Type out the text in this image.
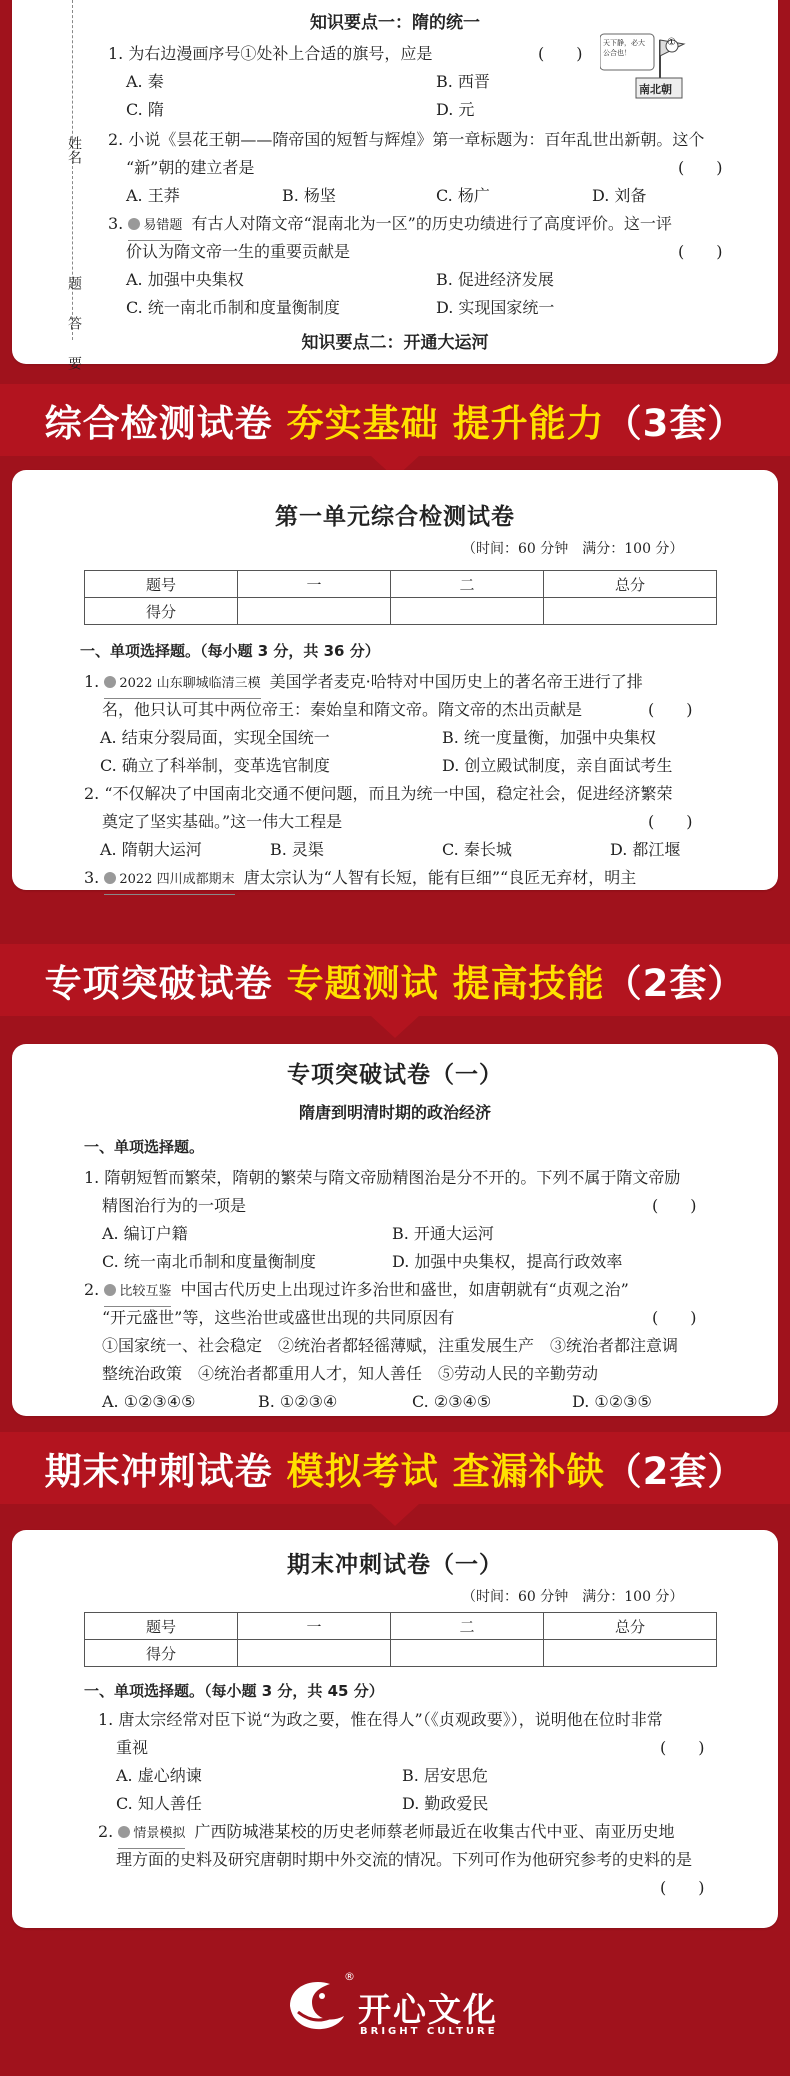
姓名
题
答
要
知识要点一：隋的统一
1. 为右边漫画序号①处补上合适的旗号，应是	(　　)
A. 秦	B. 西晋
C. 隋	D. 元
①
天下静，必大公合也！
南北朝
2. 小说《昙花王朝——隋帝国的短暂与辉煌》第一章标题为：百年乱世出新朝。这个
“新”朝的建立者是	(　　)
A. 王莽	B. 杨坚	C. 杨广	D. 刘备
3. 易错题 有古人对隋文帝“混南北为一区”的历史功绩进行了高度评价。这一评
价认为隋文帝一生的重要贡献是	(　　)
A. 加强中央集权	B. 促进经济发展
C. 统一南北币制和度量衡制度	D. 实现国家统一
知识要点二：开通大运河
综合检测试卷 夯实基础 提升能力 （3套）
第一单元综合检测试卷
（时间：60 分钟　满分：100 分）
题号	一	二	总分
得分			
一、单项选择题。（每小题 3 分，共 36 分）
1. 2022 山东聊城临清三模 美国学者麦克·哈特对中国历史上的著名帝王进行了排
名，他只认可其中两位帝王：秦始皇和隋文帝。隋文帝的杰出贡献是	(　　)
A. 结束分裂局面，实现全国统一	B. 统一度量衡，加强中央集权
C. 确立了科举制，变革选官制度	D. 创立殿试制度，亲自面试考生
2. “不仅解决了中国南北交通不便问题，而且为统一中国，稳定社会，促进经济繁荣
奠定了坚实基础。”这一伟大工程是	(　　)
A. 隋朝大运河	B. 灵渠	C. 秦长城	D. 都江堰
3. 2022 四川成都期末 唐太宗认为“人智有长短，能有巨细”“良匠无弃材，明主
专项突破试卷 专题测试 提高技能 （2套）
专项突破试卷（一）
隋唐到明清时期的政治经济
一、单项选择题。
1. 隋朝短暂而繁荣，隋朝的繁荣与隋文帝励精图治是分不开的。下列不属于隋文帝励
精图治行为的一项是	(　　)
A. 编订户籍	B. 开通大运河
C. 统一南北币制和度量衡制度	D. 加强中央集权，提高行政效率
2. 比较互鉴 中国古代历史上出现过许多治世和盛世，如唐朝就有“贞观之治”
“开元盛世”等，这些治世或盛世出现的共同原因有	(　　)
①国家统一、社会稳定　②统治者都轻徭薄赋，注重发展生产　③统治者都注意调
整统治政策　④统治者都重用人才，知人善任　⑤劳动人民的辛勤劳动
A. ①②③④⑤	B. ①②③④	C. ②③④⑤	D. ①②③⑤
期末冲刺试卷 模拟考试 查漏补缺 （2套）
期末冲刺试卷（一）
（时间：60 分钟　满分：100 分）
题号	一	二	总分
得分			
一、单项选择题。（每小题 3 分，共 45 分）
1. 唐太宗经常对臣下说“为政之要，惟在得人”（《贞观政要》），说明他在位时非常
重视	(　　)
A. 虚心纳谏	B. 居安思危
C. 知人善任	D. 勤政爱民
2. 情景模拟 广西防城港某校的历史老师蔡老师最近在收集古代中亚、南亚历史地
理方面的史料及研究唐朝时期中外交流的情况。下列可作为他研究参考的史料的是
(　　)
®
开心文化
BRIGHT CULTURE
